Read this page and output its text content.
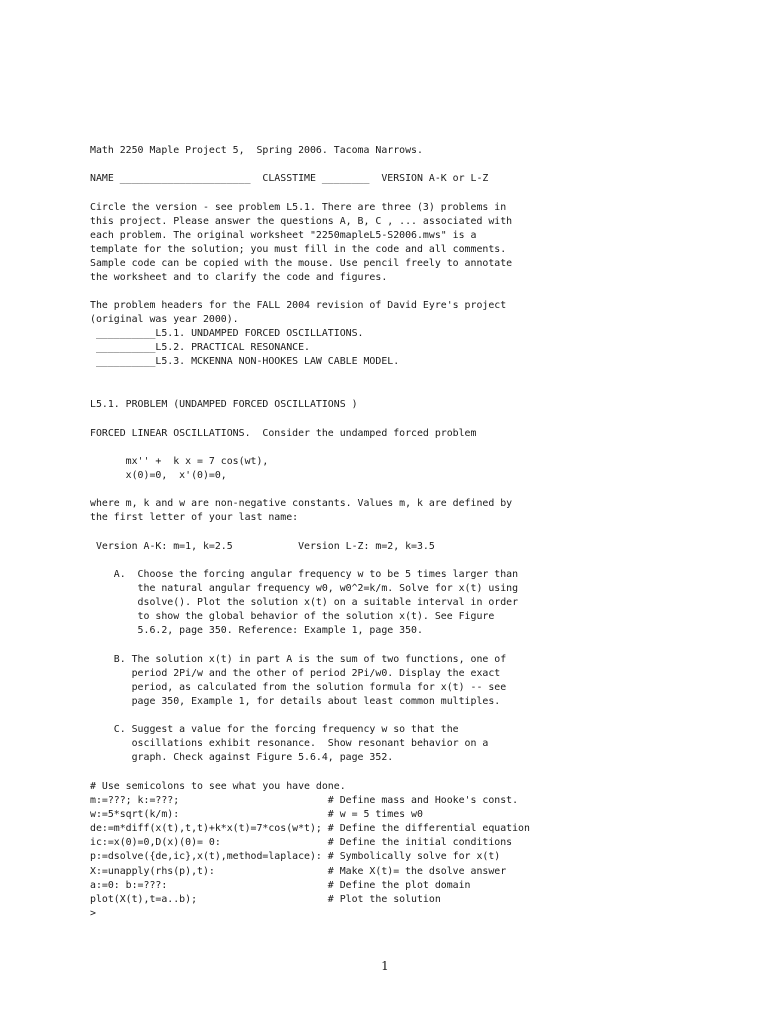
Math 2250 Maple Project 5,  Spring 2006. Tacoma Narrows.
NAME ______________________  CLASSTIME ________  VERSION A-K or L-Z
Circle the version - see problem L5.1. There are three (3) problems in
this project. Please answer the questions A, B, C , ... associated with
each problem. The original worksheet "2250mapleL5-S2006.mws" is a
template for the solution; you must fill in the code and all comments.
Sample code can be copied with the mouse. Use pencil freely to annotate
the worksheet and to clarify the code and figures.
The problem headers for the FALL 2004 revision of David Eyre's project
(original was year 2000).
__________L5.1. UNDAMPED FORCED OSCILLATIONS.
__________L5.2. PRACTICAL RESONANCE.
__________L5.3. MCKENNA NON-HOOKES LAW CABLE MODEL.
L5.1. PROBLEM (UNDAMPED FORCED OSCILLATIONS )
FORCED LINEAR OSCILLATIONS.  Consider the undamped forced problem
mx'' +  k x = 7 cos(wt),
x(0)=0,  x'(0)=0,
where m, k and w are non-negative constants. Values m, k are defined by
the first letter of your last name:
Version A-K: m=1, k=2.5           Version L-Z: m=2, k=3.5
A.  Choose the forcing angular frequency w to be 5 times larger than
the natural angular frequency w0, w0^2=k/m. Solve for x(t) using
dsolve(). Plot the solution x(t) on a suitable interval in order
to show the global behavior of the solution x(t). See Figure
5.6.2, page 350. Reference: Example 1, page 350.
B. The solution x(t) in part A is the sum of two functions, one of
period 2Pi/w and the other of period 2Pi/w0. Display the exact
period, as calculated from the solution formula for x(t) -- see
page 350, Example 1, for details about least common multiples.
C. Suggest a value for the forcing frequency w so that the
oscillations exhibit resonance.  Show resonant behavior on a
graph. Check against Figure 5.6.4, page 352.
# Use semicolons to see what you have done.
m:=???; k:=???;                         # Define mass and Hooke's const.
w:=5*sqrt(k/m):                         # w = 5 times w0
de:=m*diff(x(t),t,t)+k*x(t)=7*cos(w*t); # Define the differential equation
ic:=x(0)=0,D(x)(0)= 0:                  # Define the initial conditions
p:=dsolve({de,ic},x(t),method=laplace): # Symbolically solve for x(t)
X:=unapply(rhs(p),t):                   # Make X(t)= the dsolve answer
a:=0: b:=???:                           # Define the plot domain
plot(X(t),t=a..b);                      # Plot the solution
>
1
